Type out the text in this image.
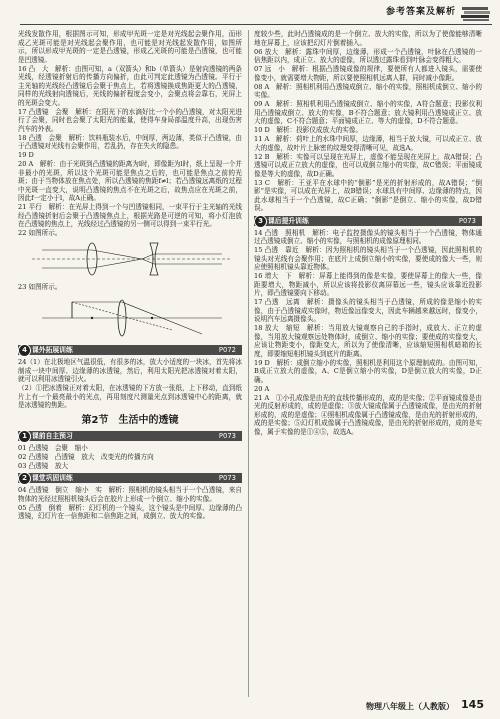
参考答案及解析

光线发散作用，根据图示可知，形成甲光斑一定是对光线起会聚作用，而形成乙光斑可能是对光线起会聚作用，也可能是对光线起发散作用，如图所示，所以形成甲光斑的一定是凸透镜，形成乙光斑的可能是凸透镜，也可能是凹透镜。

16 凸　大　解析：由图可知，a（双箭头）和b（单箭头）是射向透镜的两条光线，经透镜折射后的传播方向偏折，由此可判定此透镜为凸透镜。平行于主光轴的光线经凸透镜后会聚于焦点上，若将透镜换成焦距更大的凸透镜，同样的光线射向透镜后，光线的偏折程度会变小，会聚点将会靠右，光屏上的光斑会变大。

17 凸透镜　会聚　解析：在阳光下的水滴好比一个小的凸透镜，对太阳光进行了会聚，同时也会聚了太阳光的能量，使得车身局部温度升高，出现伤害汽车的外表。

18 凸透　会聚　解析：饮料瓶装水后，中间厚，两边薄，类似于凸透镜，由于凸透镜对光线有会聚作用，若乱扔，存在失火的隐患。

19 D

20 A　解析：由于光斑到凸透镜的距离为l时，即像距为l时，纸上呈现一个并非最小的光斑，所以这个光斑可能是焦点之后的，也可能是焦点之前的光斑；由于当物体放在焦点处，所以凸透镜的焦距f≠l；若凸透镜远离纸的过程中光斑一直变大，说明凸透镜的焦点不在光斑之后，故焦点应在光斑之前，因此f一定小于l，故A正确。

21 平行　解析：在光屏上得到一个与凹透镜相同，一束平行于主光轴的光线经凸透镜折射后会聚于凸透镜焦点上，根据光路是可逆的可知，将小灯泡放在凸透镜的焦点上，光线经过凸透镜的另一侧可以得到一束平行光。

22 如图所示。

23 如图所示。

4 课外拓展训练	P072

24（1）在北极地区气温很低，有很多的冰，放大小适度的一块冰，首先将冰制成一块中间厚、边缘薄的冰透镜，然后，利用太阳光把冰透镜对着太阳，就可以利用冰透镜引火。

（2）①把冰透镜正对着太阳，在冰透镜的下方放一张纸，上下移动，直到纸片上有一个最亮最小的光点，再用刻度尺测量光点到冰透镜中心的距离，就是冰透镜的焦距。

第2节　生活中的透镜
1 课前自主预习	P073

01 凸透镜　会聚　缩小

02 凸透镜　凸透镜　放大　改变光的传播方向

03 凸透镜　放大

2 课堂巩固训练	P073

04 凸透镜　倒立　缩小　实　解析：照相机的镜头相当于一个凸透镜，来自物体的光经过照相机镜头后会在胶片上形成一个倒立、缩小的实像。

05 凸透　倒着　解析：幻灯机的一个镜头，这个镜头是中间厚、边缘薄的凸透镜，幻灯片在一倍焦距和二倍焦距之间，成倒立、放大的实像。

度较少些，此时凸透镜成的是一个倒立、放大的实像，所以为了使像能够清晰地在屏幕上，应该把幻灯片倒着插入。

06 放大　解析：露珠中间厚，边缘薄，形成一个凸透镜，叶脉在凸透镜的一倍焦距以内，成正立、放大的虚像，所以透过露珠看到叶脉会变得粗大。

07 远　小　解析：根据凸透镜成像的规律，要使所有人都进入镜头，需要使像变小，就需要增大物距，所以要使照相机远离人群，同时减小像距。

08 A　解析：照相机利用凸透镜成倒立、缩小的实像，照相机成倒立、缩小的实像。

09 A　解析：照相机利用凸透镜成倒立、缩小的实像，A符合题意；投影仪利用凸透镜成倒立、放大的实像，B不符合题意；放大镜利用凸透镜成正立、放大的虚像，C不符合题意；平面镜成正立、等大的虚像，D不符合题意。

10 D　解析：投影仪成放大的实像。

11 A　解析：荷叶上的水珠中间厚，边缘薄，相当于放大镜，可以成正立、放大的虚像，故叶片上脉密的纹理变得清晰可见，故选A。

12 B　解析：实像可以呈现在光屏上，虚像不能呈现在光屏上，故A错误；凸透镜可以成正立放大的虚像，也可以成倒立缩小的实像，故C错误；平面镜成像是等大的虚像，故D正确。

13 C　解析：王亚平在水球中的“倒影”是光的折射形成的，故A错误；“倒影”是实像，可以成在光屏上，故B错误；水球具有中间厚、边缘薄的特点，因此水球相当于一个凸透镜，故C正确；“倒影”是倒立、缩小的实像，故D错误。

3 课后提升训练	P073

14 凸透　照相机　解析：电子监控摄像头的镜头相当于一个凸透镜，物体通过凸透镜成倒立、缩小的实像，与照相机的成像原理相同。

15 凸透　靠近　解析：因为照相机的镜头相当于一个凸透镜，因此照相机的镜头对光线有会聚作用；在底片上成倒立缩小的实像，要使成的像大一些，则应使照相机镜头靠近物体。

16 增大　下　解析：屏幕上能得到的像是实像，要使屏幕上的像大一些，像距要增大，物距减小，所以应该将投影仪离屏幕远一些，镜头应该靠近投影片，即凸透镜要向下移动。

17 凸透　远离　解析：摄像头的镜头相当于凸透镜，所成的像是缩小的实像，由于凸透镜成实像时，物近像远像变大，因此车辆越来越远时，像变小，说明汽车远离摄像头。

18 放大　缩短　解析：当用放大镜观察自己的手指时，成放大、正立的虚像，当用放大镜观察远处物体时，成倒立、缩小的实像；要使成的实像变大，应该让物距变小，像距变大，所以为了使像清晰，应该缩短照相机暗箱的长度，即要缩短相机镜头到底片的距离。

19 D　解析：成倒立缩小的实像，照相机是利用这个原理制成的。由图可知，B成正立放大的虚像，A、C是倒立缩小的实像，D是倒立放大的实像，D正确。

20 A

21 A　①小孔成像是由光的直线传播形成的，成的是实像；②平面镜成像是由光的反射形成的，成的是虚像；③放大镜成像属于凸透镜成像，是由光的折射形成的，成的是虚像；④照相机成像属于凸透镜成像，是由光的折射形成的，成的是实像；⑤幻灯机成像属于凸透镜成像，是由光的折射形成的，成的是实像，属于实像的是①④⑤，故选A。

物理八年级上（人教版） 145
